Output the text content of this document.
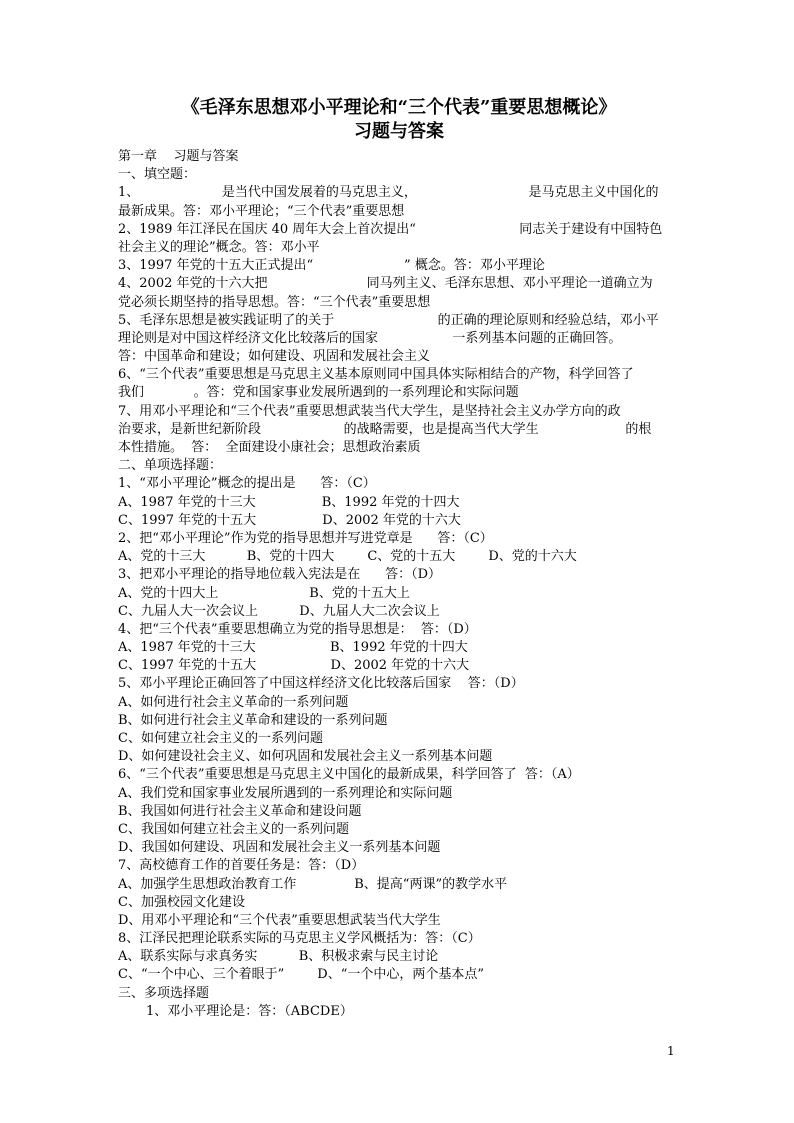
《毛泽东思想邓小平理论和“三个代表”重要思想概论》
习题与答案

第一章    习题与答案

一、填空题：

1、                    是当代中国发展着的马克思主义，                           是马克思主义中国化的

最新成果。答：邓小平理论；“三个代表”重要思想

2、1989 年江泽民在国庆 40 周年大会上首次提出“                         同志关于建设有中国特色

社会主义的理论”概念。答：邓小平

3、1997 年党的十五大正式提出“                      ” 概念。答：邓小平理论

4、2002 年党的十六大把                        同马列主义、毛泽东思想、邓小平理论一道确立为

党必须长期坚持的指导思想。答：“三个代表”重要思想

5、毛泽东思想是被实践证明了的关于                         的正确的理论原则和经验总结，邓小平

理论则是对中国这样经济文化比较落后的国家                  一系列基本问题的正确回答。

答：中国革命和建设；如何建设、巩固和发展社会主义

6、“三个代表”重要思想是马克思主义基本原则同中国具体实际相结合的产物，科学回答了

我们            。答：党和国家事业发展所遇到的一系列理论和实际问题

7、用邓小平理论和“三个代表”重要思想武装当代大学生，是坚持社会主义办学方向的政

治要求，是新世纪新阶段                    的战略需要，也是提高当代大学生                     的根

本性措施。  答：  全面建设小康社会；思想政治素质

二、单项选择题：

1、“邓小平理论”概念的提出是      答：（C）

A、1987 年党的十三大                B、1992 年党的十四大

C、1997 年党的十五大                D、2002 年党的十六大

2、把“邓小平理论”作为党的指导思想并写进党章是      答：（C）

A、党的十三大          B、党的十四大        C、党的十五大        D、党的十六大

3、把邓小平理论的指导地位载入宪法是在      答：（D）

A、党的十四大上                      B、党的十五大上

C、九届人大一次会议上          D、九届人大二次会议上

4、把“三个代表”重要思想确立为党的指导思想是：  答：（D）

A、1987 年党的十三大                  B、1992 年党的十四大

C、1997 年党的十五大                  D、2002 年党的十六大

5、邓小平理论正确回答了中国这样经济文化比较落后国家    答：（D）

A、如何进行社会主义革命的一系列问题

B、如何进行社会主义革命和建设的一系列问题

C、如何建立社会主义的一系列问题

D、如何建设社会主义、如何巩固和发展社会主义一系列基本问题

6、“三个代表”重要思想是马克思主义中国化的最新成果，科学回答了  答：（A）

A、我们党和国家事业发展所遇到的一系列理论和实际问题

B、我国如何进行社会主义革命和建设问题

C、我国如何建立社会主义的一系列问题

D、我国如何建设、巩固和发展社会主义一系列基本问题

7、高校德育工作的首要任务是：答：（D）

A、加强学生思想政治教育工作              B、提高“两课”的教学水平

C、加强校园文化建设

D、用邓小平理论和“三个代表”重要思想武装当代大学生

8、江泽民把理论联系实际的马克思主义学风概括为：答：（C）

A、联系实际与求真务实          B、积极求索与民主讨论

C、“一个中心、三个着眼于”        D、“一个中心，两个基本点”

三、多项选择题

1、邓小平理论是：答：（ABCDE）

1
